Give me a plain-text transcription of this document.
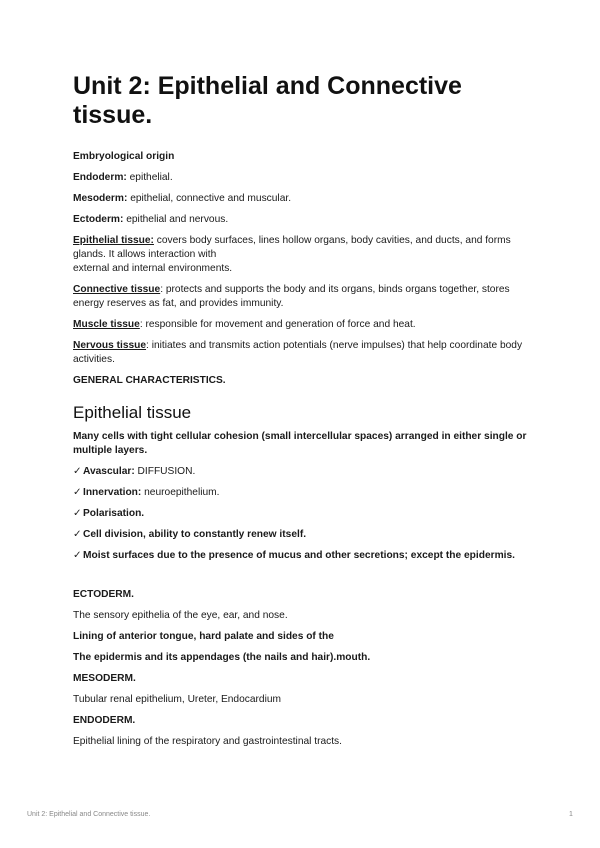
Unit 2: Epithelial and Connective tissue.

Embryological origin

Endoderm: epithelial.

Mesoderm: epithelial, connective and muscular.

Ectoderm: epithelial and nervous.

Epithelial tissue: covers body surfaces, lines hollow organs, body cavities, and ducts, and forms glands. It allows interaction with
external and internal environments.

Connective tissue: protects and supports the body and its organs, binds organs together, stores energy reserves as fat, and provides immunity.

Muscle tissue: responsible for movement and generation of force and heat.

Nervous tissue: initiates and transmits action potentials (nerve impulses) that help coordinate body activities.

GENERAL CHARACTERISTICS.

Epithelial tissue

Many cells with tight cellular cohesion (small intercellular spaces) arranged in either single or multiple layers.

✓Avascular: DIFFUSION.

✓Innervation: neuroepithelium.

✓Polarisation.

✓Cell division, ability to constantly renew itself.

✓Moist surfaces due to the presence of mucus and other secretions; except the epidermis.

ECTODERM.

The sensory epithelia of the eye, ear, and nose.

Lining of anterior tongue, hard palate and sides of the

The epidermis and its appendages (the nails and hair).mouth.

MESODERM.

Tubular renal epithelium, Ureter, Endocardium

ENDODERM.

Epithelial lining of the respiratory and gastrointestinal tracts.

Unit 2: Epithelial and Connective tissue.	1
